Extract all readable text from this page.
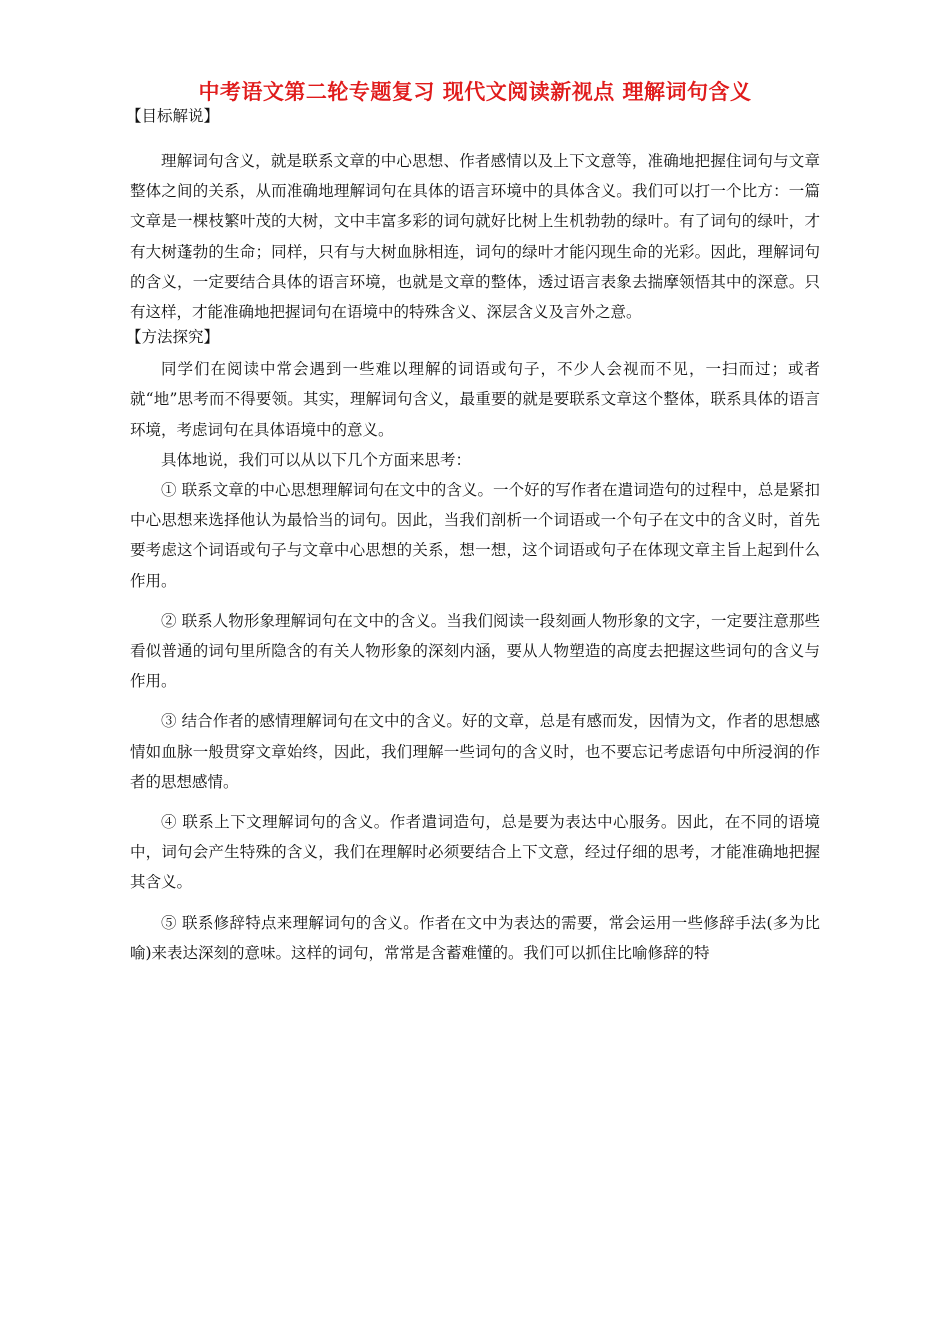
中考语文第二轮专题复习 现代文阅读新视点 理解词句含义
【目标解说】

理解词句含义，就是联系文章的中心思想、作者感情以及上下文意等，准确地把握住词句与文章整体之间的关系，从而准确地理解词句在具体的语言环境中的具体含义。我们可以打一个比方：一篇文章是一棵枝繁叶茂的大树，文中丰富多彩的词句就好比树上生机勃勃的绿叶。有了词句的绿叶，才有大树蓬勃的生命；同样，只有与大树血脉相连，词句的绿叶才能闪现生命的光彩。因此，理解词句的含义，一定要结合具体的语言环境，也就是文章的整体，透过语言表象去揣摩领悟其中的深意。只有这样，才能准确地把握词句在语境中的特殊含义、深层含义及言外之意。

【方法探究】

同学们在阅读中常会遇到一些难以理解的词语或句子，不少人会视而不见，一扫而过；或者就“地”思考而不得要领。其实，理解词句含义，最重要的就是要联系文章这个整体，联系具体的语言环境，考虑词句在具体语境中的意义。

具体地说，我们可以从以下几个方面来思考：

① 联系文章的中心思想理解词句在文中的含义。一个好的写作者在遣词造句的过程中，总是紧扣中心思想来选择他认为最恰当的词句。因此，当我们剖析一个词语或一个句子在文中的含义时，首先要考虑这个词语或句子与文章中心思想的关系，想一想，这个词语或句子在体现文章主旨上起到什么作用。

② 联系人物形象理解词句在文中的含义。当我们阅读一段刻画人物形象的文字，一定要注意那些看似普通的词句里所隐含的有关人物形象的深刻内涵，要从人物塑造的高度去把握这些词句的含义与作用。

③ 结合作者的感情理解词句在文中的含义。好的文章，总是有感而发，因情为文，作者的思想感情如血脉一般贯穿文章始终，因此，我们理解一些词句的含义时，也不要忘记考虑语句中所浸润的作者的思想感情。

④ 联系上下文理解词句的含义。作者遣词造句，总是要为表达中心服务。因此，在不同的语境中，词句会产生特殊的含义，我们在理解时必须要结合上下文意，经过仔细的思考，才能准确地把握其含义。

⑤ 联系修辞特点来理解词句的含义。作者在文中为表达的需要，常会运用一些修辞手法(多为比喻)来表达深刻的意味。这样的词句，常常是含蓄难懂的。我们可以抓住比喻修辞的特
